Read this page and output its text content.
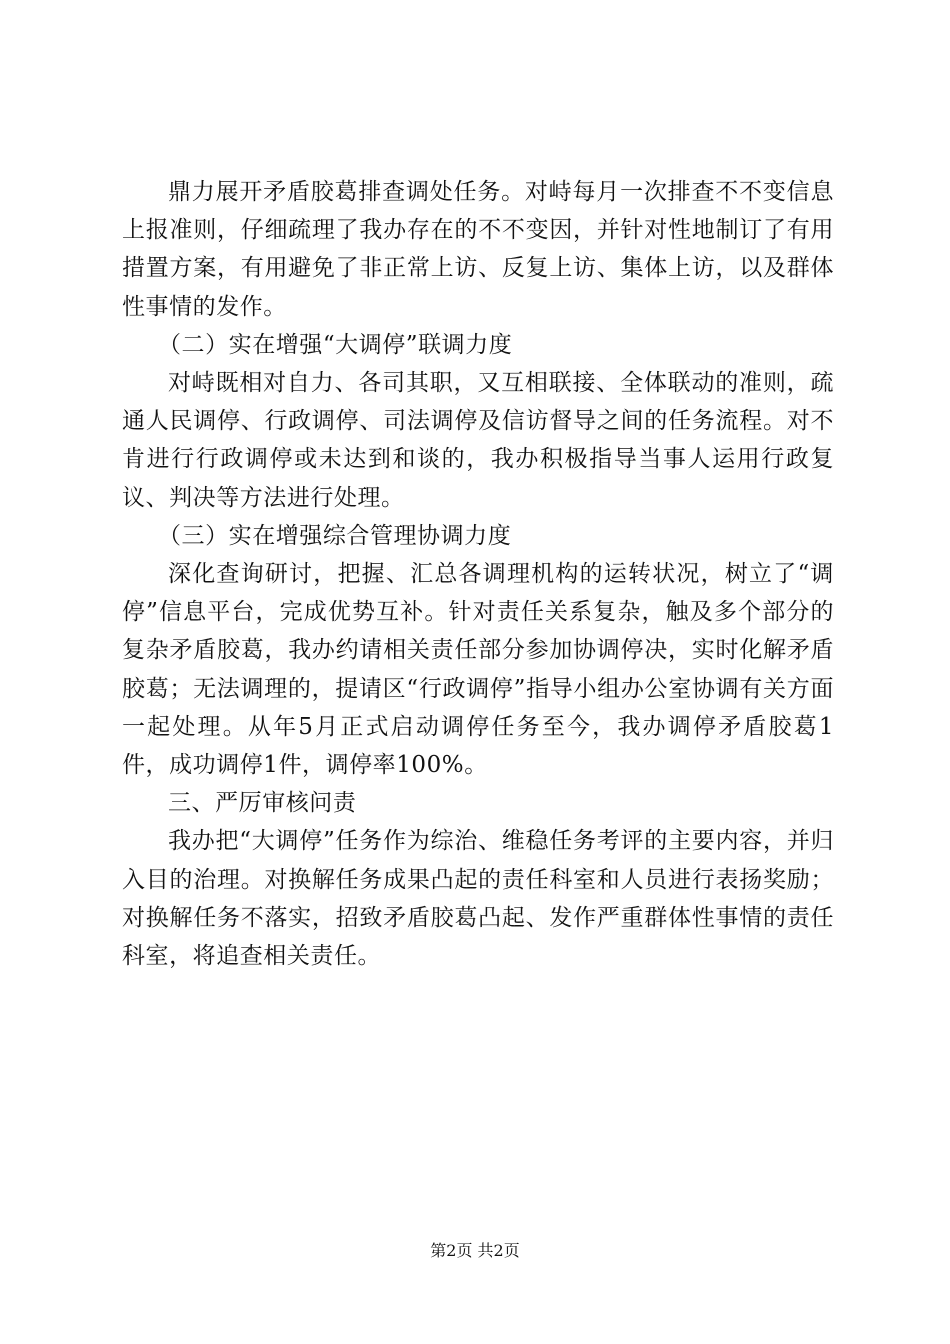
鼎力展开矛盾胶葛排查调处任务。对峙每月一次排查不不变信息上报准则，仔细疏理了我办存在的不不变因，并针对性地制订了有用措置方案，有用避免了非正常上访、反复上访、集体上访，以及群体性事情的发作。

（二）实在增强“大调停”联调力度

对峙既相对自力、各司其职，又互相联接、全体联动的准则，疏通人民调停、行政调停、司法调停及信访督导之间的任务流程。对不肯进行行政调停或未达到和谈的，我办积极指导当事人运用行政复议、判决等方法进行处理。

（三）实在增强综合管理协调力度

深化查询研讨，把握、汇总各调理机构的运转状况，树立了“调停”信息平台，完成优势互补。针对责任关系复杂，触及多个部分的复杂矛盾胶葛，我办约请相关责任部分参加协调停决，实时化解矛盾胶葛；无法调理的，提请区“行政调停”指导小组办公室协调有关方面一起处理。从年5月正式启动调停任务至今，我办调停矛盾胶葛1件，成功调停1件，调停率100%。

三、严厉审核问责

我办把“大调停”任务作为综治、维稳任务考评的主要内容，并归入目的治理。对换解任务成果凸起的责任科室和人员进行表扬奖励；对换解任务不落实，招致矛盾胶葛凸起、发作严重群体性事情的责任科室，将追查相关责任。

第2页 共2页
